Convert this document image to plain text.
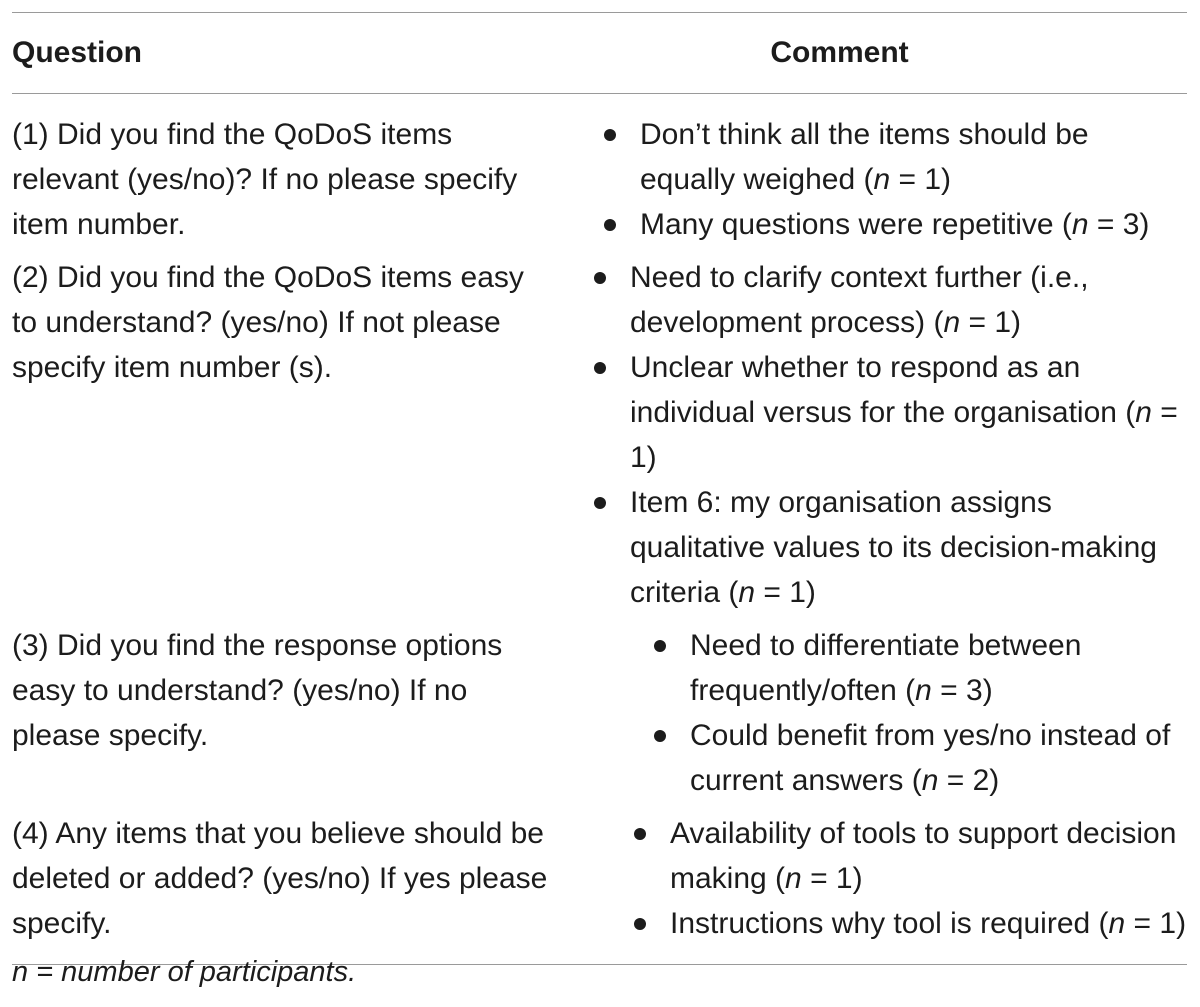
Question	Comment
(1) Did you find the QoDoS items relevant (yes/no)? If no please specify item number.
Don’t think all the items should be equally weighed (n = 1)
Many questions were repetitive (n = 3)
(2) Did you find the QoDoS items easy to understand? (yes/no) If not please specify item number (s).
Need to clarify context further (i.e., development process) (n = 1)
Unclear whether to respond as an individual versus for the organisation (n = 1)
Item 6: my organisation assigns qualitative values to its decision-making criteria (n = 1)
(3) Did you find the response options easy to understand? (yes/no) If no please specify.
Need to differentiate between frequently/often (n = 3)
Could benefit from yes/no instead of current answers (n = 2)
(4) Any items that you believe should be deleted or added? (yes/no) If yes please specify.
Availability of tools to support decision making (n = 1)
Instructions why tool is required (n = 1)
n = number of participants.
